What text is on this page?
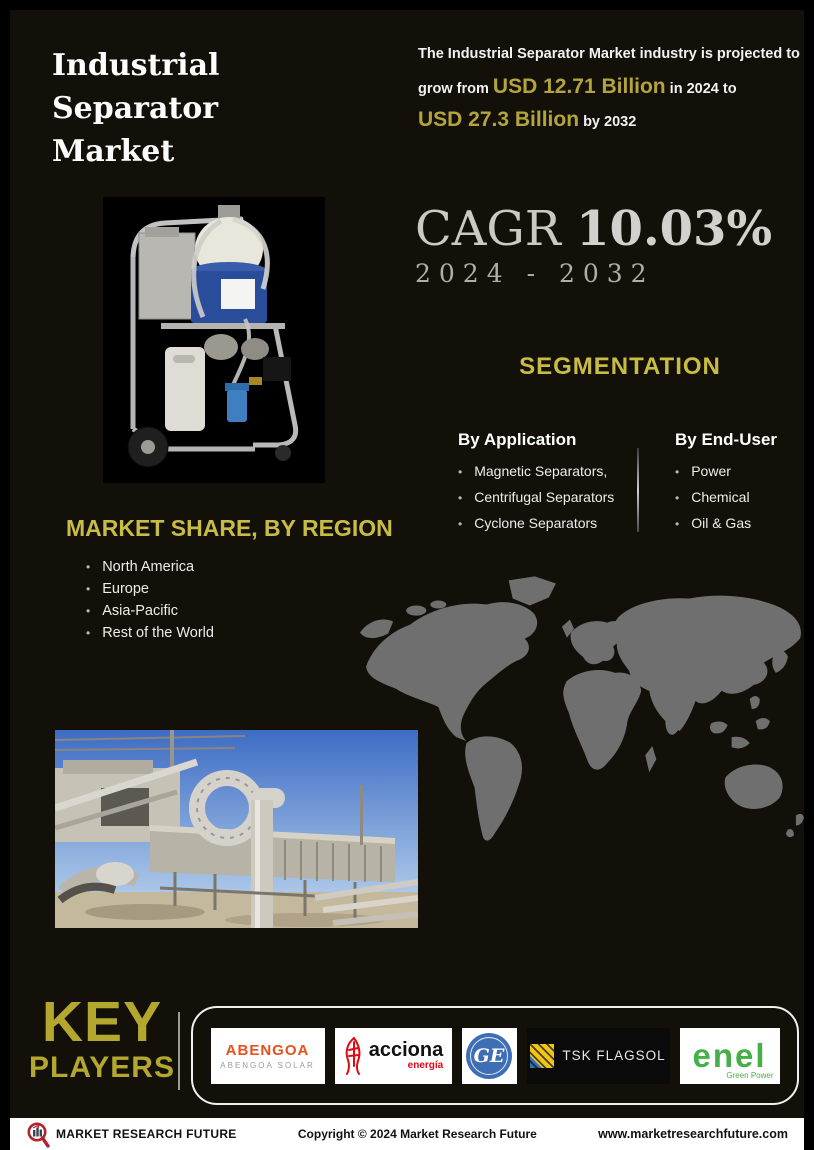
Industrial
Separator
Market
The Industrial Separator Market industry is projected to
grow from USD 12.71 Billion in 2024 to
USD 27.3 Billion by 2032
CAGR 10.03%
2024 - 2032
SEGMENTATION
By Application
• Magnetic Separators,
• Centrifugal Separators
• Cyclone Separators
By End-User
• Power
• Chemical
• Oil & Gas
MARKET SHARE, BY REGION
• North America
• Europe
• Asia-Pacific
• Rest of the World
KEY
PLAYERS
ABENGOA
ABENGOA SOLAR
acciona
energía GE	TSK FLAGSOL enel
Green Power
MARKET RESEARCH FUTURE	Copyright © 2024 Market Research Future	www.marketresearchfuture.com
